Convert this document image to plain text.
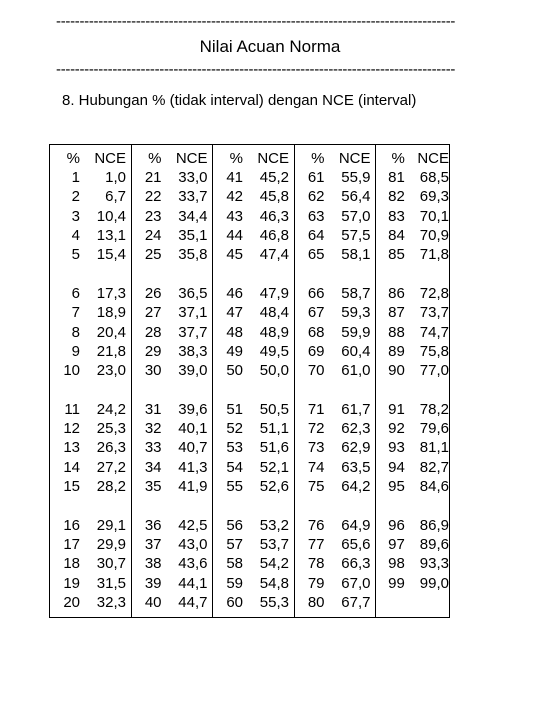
-------------------------------------------------------------------------------------
Nilai Acuan Norma
-------------------------------------------------------------------------------------
8. Hubungan % (tidak interval) dengan NCE (interval)
% NCE
1	1,0
2	6,7
3	10,4
4	13,1
5	15,4
6	17,3
7	18,9
8	20,4
9	21,8
10	23,0
11	24,2
12	25,3
13	26,3
14	27,2
15	28,2
16	29,1
17	29,9
18	30,7
19	31,5
20	32,3
% NCE
21	33,0
22	33,7
23	34,4
24	35,1
25	35,8
26	36,5
27	37,1
28	37,7
29	38,3
30	39,0
31	39,6
32	40,1
33	40,7
34	41,3
35	41,9
36	42,5
37	43,0
38	43,6
39	44,1
40	44,7
% NCE
41	45,2
42	45,8
43	46,3
44	46,8
45	47,4
46	47,9
47	48,4
48	48,9
49	49,5
50	50,0
51	50,5
52	51,1
53	51,6
54	52,1
55	52,6
56	53,2
57	53,7
58	54,2
59	54,8
60	55,3
% NCE
61	55,9
62	56,4
63	57,0
64	57,5
65	58,1
66	58,7
67	59,3
68	59,9
69	60,4
70	61,0
71	61,7
72	62,3
73	62,9
74	63,5
75	64,2
76	64,9
77	65,6
78	66,3
79	67,0
80	67,7
% NCE
81 68,5
82 69,3
83 70,1
84 70,9
85 71,8
86 72,8
87 73,7
88 74,7
89 75,8
90 77,0
91 78,2
92 79,6
93 81,1
94 82,7
95 84,6
96 86,9
97 89,6
98 93,3
99 99,0
